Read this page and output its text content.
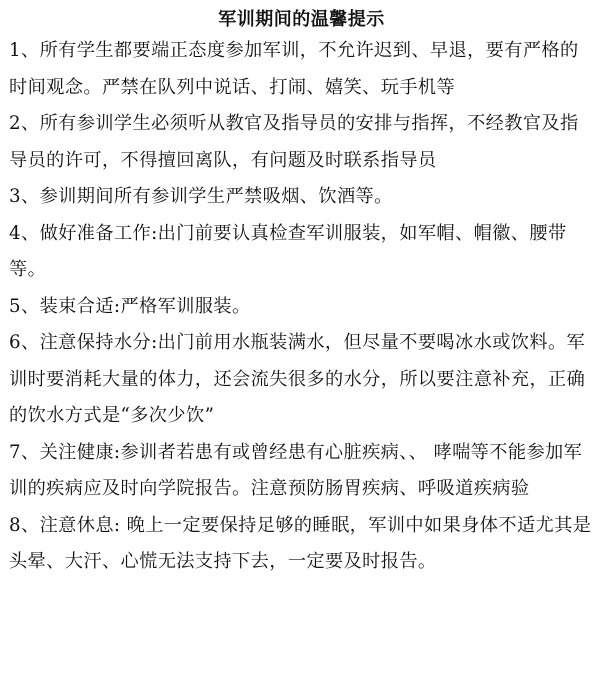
军训期间的温馨提示

1、所有学生都要端正态度参加军训，不允许迟到、早退，要有严格的时间观念。严禁在队列中说话、打闹、嬉笑、玩手机等

2、所有参训学生必须听从教官及指导员的安排与指挥，不经教官及指导员的许可，不得擅回离队，有问题及时联系指导员

3、参训期间所有参训学生严禁吸烟、饮酒等。

4、做好准备工作:出门前要认真检查军训服装，如军帽、帽徽、腰带等。

5、装束合适:严格军训服装。

6、注意保持水分:出门前用水瓶装满水，但尽量不要喝冰水或饮料。军训时要消耗大量的体力，还会流失很多的水分，所以要注意补充，正确的饮水方式是“多次少饮”

7、关注健康:参训者若患有或曾经患有心脏疾病、、 哮喘等不能参加军训的疾病应及时向学院报告。注意预防肠胃疾病、呼吸道疾病验

8、注意休息: 晚上一定要保持足够的睡眠，军训中如果身体不适尤其是头晕、大汗、心慌无法支持下去，一定要及时报告。
